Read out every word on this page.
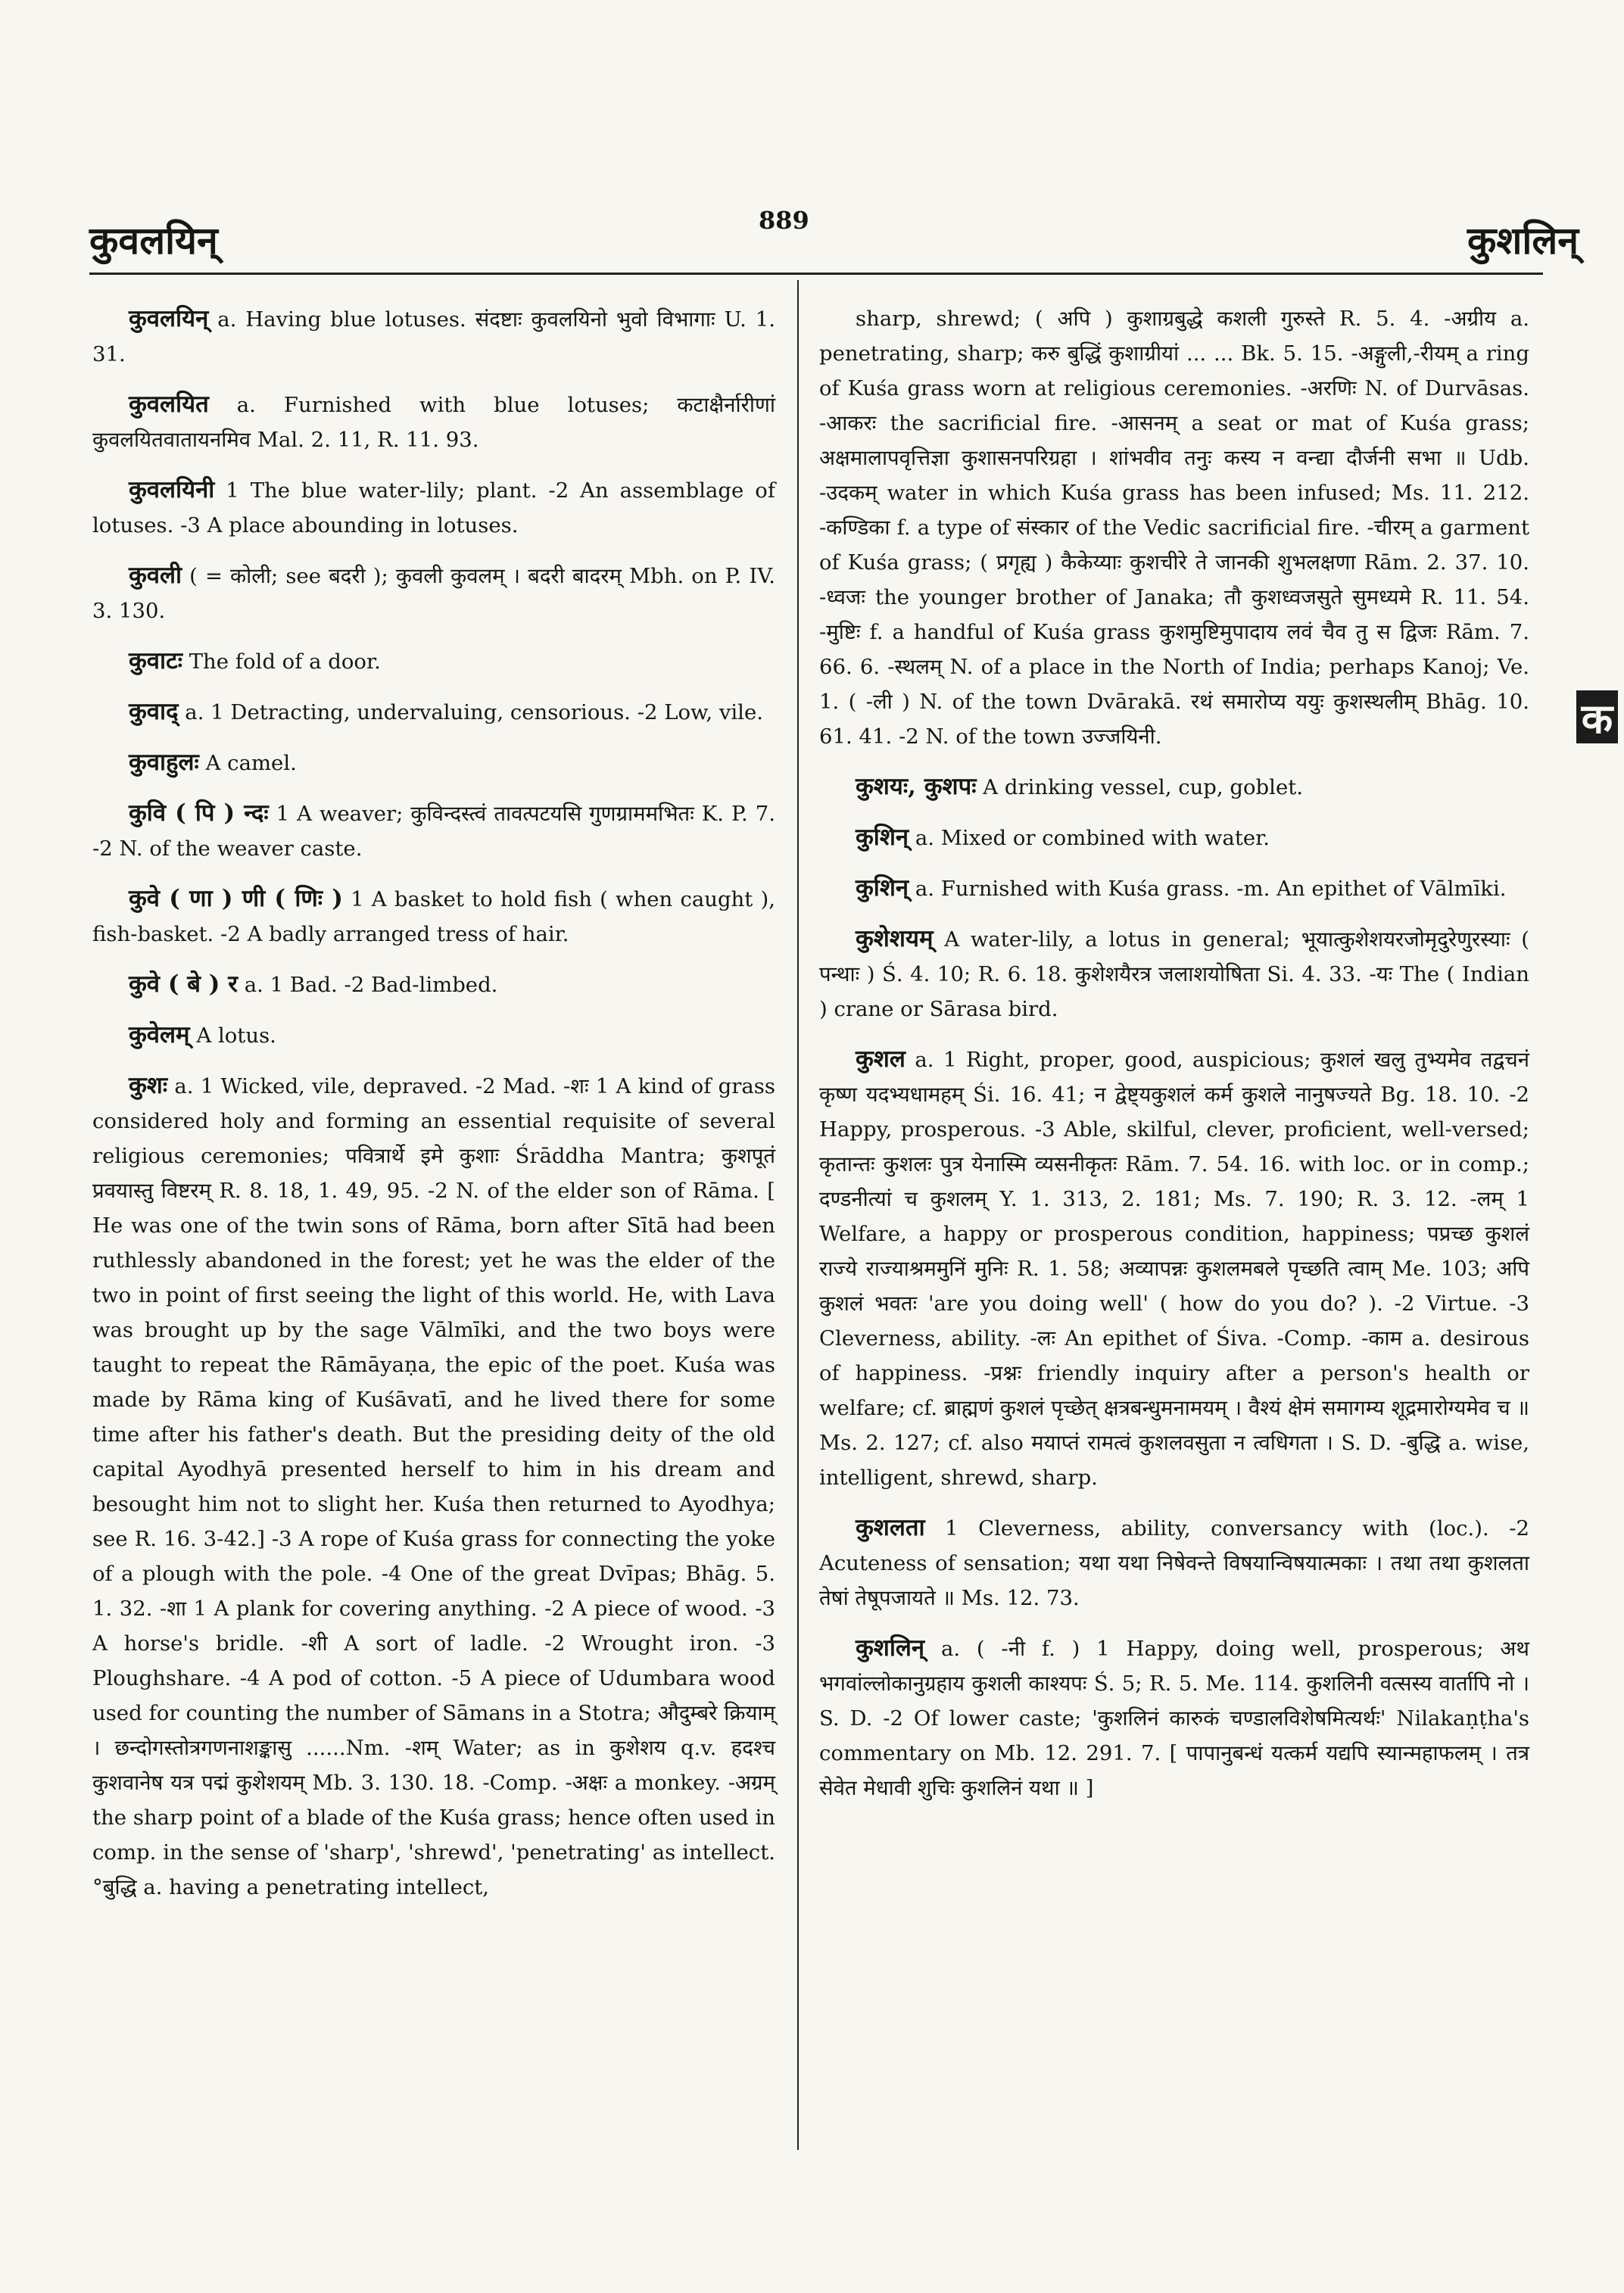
कुवलयिन्	889	कुशलिन्
क

कुवलयिन् a. Having blue lotuses. संदष्टाः कुवलयिनो भुवो विभागाः U. 1. 31.

कुवलयित a. Furnished with blue lotuses; कटाक्षैर्नारीणां कुवलयितवातायनमिव Mal. 2. 11, R. 11. 93.

कुवलयिनी 1 The blue water-lily; plant. -2 An assemblage of lotuses. -3 A place abounding in lotuses.

कुवली ( = कोली; see बदरी ); कुवली कुवलम् । बदरी बादरम् Mbh. on P. IV. 3. 130.

कुवाटः The fold of a door.

कुवाद् a. 1 Detracting, undervaluing, censorious. -2 Low, vile.

कुवाहुलः A camel.

कुवि ( पि ) न्दः 1 A weaver; कुविन्दस्त्वं तावत्पटयसि गुणग्राममभितः K. P. 7. -2 N. of the weaver caste.

कुवे ( णा ) णी ( णिः ) 1 A basket to hold fish ( when caught ), fish-basket. -2 A badly arranged tress of hair.

कुवे ( बे ) र a. 1 Bad. -2 Bad-limbed.

कुवेलम् A lotus.

कुशः a. 1 Wicked, vile, depraved. -2 Mad. -शः 1 A kind of grass considered holy and forming an essential requisite of several religious ceremonies; पवित्रार्थे इमे कुशाः Śrāddha Mantra; कुशपूतं प्रवयास्तु विष्टरम् R. 8. 18, 1. 49, 95. -2 N. of the elder son of Rāma. [ He was one of the twin sons of Rāma, born after Sītā had been ruthlessly abandoned in the forest; yet he was the elder of the two in point of first seeing the light of this world. He, with Lava was brought up by the sage Vālmīki, and the two boys were taught to repeat the Rāmāyaṇa, the epic of the poet. Kuśa was made by Rāma king of Kuśāvatī, and he lived there for some time after his father's death. But the presiding deity of the old capital Ayodhyā presented herself to him in his dream and besought him not to slight her. Kuśa then returned to Ayodhya; see R. 16. 3-42.] -3 A rope of Kuśa grass for connecting the yoke of a plough with the pole. -4 One of the great Dvīpas; Bhāg. 5. 1. 32. -शा 1 A plank for covering anything. -2 A piece of wood. -3 A horse's bridle. -शी A sort of ladle. -2 Wrought iron. -3 Ploughshare. -4 A pod of cotton. -5 A piece of Udumbara wood used for counting the number of Sāmans in a Stotra; औदुम्बरे क्रियाम् । छन्दोगस्तोत्रगणनाशङ्कासु ......Nm. -शम् Water; as in कुशेशय q.v. हदश्च कुशवानेष यत्र पद्मं कुशेशयम् Mb. 3. 130. 18. -Comp. -अक्षः a monkey. -अग्रम् the sharp point of a blade of the Kuśa grass; hence often used in comp. in the sense of 'sharp', 'shrewd', 'penetrating' as intellect. °बुद्धि a. having a penetrating intellect,

sharp, shrewd; ( अपि ) कुशाग्रबुद्धे कशली गुरुस्ते R. 5. 4. -अग्रीय a. penetrating, sharp; करु बुद्धिं कुशाग्रीयां ... ... Bk. 5. 15. -अङ्गुली,-रीयम् a ring of Kuśa grass worn at religious ceremonies. -अरणिः N. of Durvāsas. -आकरः the sacrificial fire. -आसनम् a seat or mat of Kuśa grass; अक्षमालापवृत्तिज्ञा कुशासनपरिग्रहा । शांभवीव तनुः कस्य न वन्द्या दौर्जनी सभा ॥ Udb. -उदकम् water in which Kuśa grass has been infused; Ms. 11. 212. -कण्डिका f. a type of संस्कार of the Vedic sacrificial fire. -चीरम् a garment of Kuśa grass; ( प्रगृह्य ) कैकेय्याः कुशचीरे ते जानकी शुभलक्षणा Rām. 2. 37. 10. -ध्वजः the younger brother of Janaka; तौ कुशध्वजसुते सुमध्यमे R. 11. 54. -मुष्टिः f. a handful of Kuśa grass कुशमुष्टिमुपादाय लवं चैव तु स द्विजः Rām. 7. 66. 6. -स्थलम् N. of a place in the North of India; perhaps Kanoj; Ve. 1. ( -ली ) N. of the town Dvārakā. रथं समारोप्य ययुः कुशस्थलीम् Bhāg. 10. 61. 41. -2 N. of the town उज्जयिनी.

कुशयः, कुशपः A drinking vessel, cup, goblet.

कुशिन् a. Mixed or combined with water.

कुशिन् a. Furnished with Kuśa grass. -m. An epithet of Vālmīki.

कुशेशयम् A water-lily, a lotus in general; भूयात्कुशेशयरजोमृदुरेणुरस्याः ( पन्थाः ) Ś. 4. 10; R. 6. 18. कुशेशयैरत्र जलाशयोषिता Si. 4. 33. -यः The ( Indian ) crane or Sārasa bird.

कुशल a. 1 Right, proper, good, auspicious; कुशलं खलु तुभ्यमेव तद्वचनं कृष्ण यदभ्यधामहम् Śi. 16. 41; न द्वेष्ट्यकुशलं कर्म कुशले नानुषज्यते Bg. 18. 10. -2 Happy, prosperous. -3 Able, skilful, clever, proficient, well-versed; कृतान्तः कुशलः पुत्र येनास्मि व्यसनीकृतः Rām. 7. 54. 16. with loc. or in comp.; दण्डनीत्यां च कुशलम् Y. 1. 313, 2. 181; Ms. 7. 190; R. 3. 12. -लम् 1 Welfare, a happy or prosperous condition, happiness; पप्रच्छ कुशलं राज्ये राज्याश्रममुनिं मुनिः R. 1. 58; अव्यापन्नः कुशलमबले पृच्छति त्वाम् Me. 103; अपि कुशलं भवतः 'are you doing well' ( how do you do? ). -2 Virtue. -3 Cleverness, ability. -लः An epithet of Śiva. -Comp. -काम a. desirous of happiness. -प्रश्नः friendly inquiry after a person's health or welfare; cf. ब्राह्मणं कुशलं पृच्छेत् क्षत्रबन्धुमनामयम् । वैश्यं क्षेमं समागम्य शूद्रमारोग्यमेव च ॥ Ms. 2. 127; cf. also मयाप्तं रामत्वं कुशलवसुता न त्वधिगता । S. D. -बुद्धि a. wise, intelligent, shrewd, sharp.

कुशलता 1 Cleverness, ability, conversancy with (loc.). -2 Acuteness of sensation; यथा यथा निषेवन्ते विषयान्विषयात्मकाः । तथा तथा कुशलता तेषां तेषूपजायते ॥ Ms. 12. 73.

कुशलिन् a. ( -नी f. ) 1 Happy, doing well, prosperous; अथ भगवांल्लोकानुग्रहाय कुशली काश्यपः Ś. 5; R. 5. Me. 114. कुशलिनी वत्सस्य वार्तापि नो । S. D. -2 Of lower caste; 'कुशलिनं कारुकं चण्डालविशेषमित्यर्थः' Nilakaṇṭha's commentary on Mb. 12. 291. 7. [ पापानुबन्धं यत्कर्म यद्यपि स्यान्महाफलम् । तत्र सेवेत मेधावी शुचिः कुशलिनं यथा ॥ ]
